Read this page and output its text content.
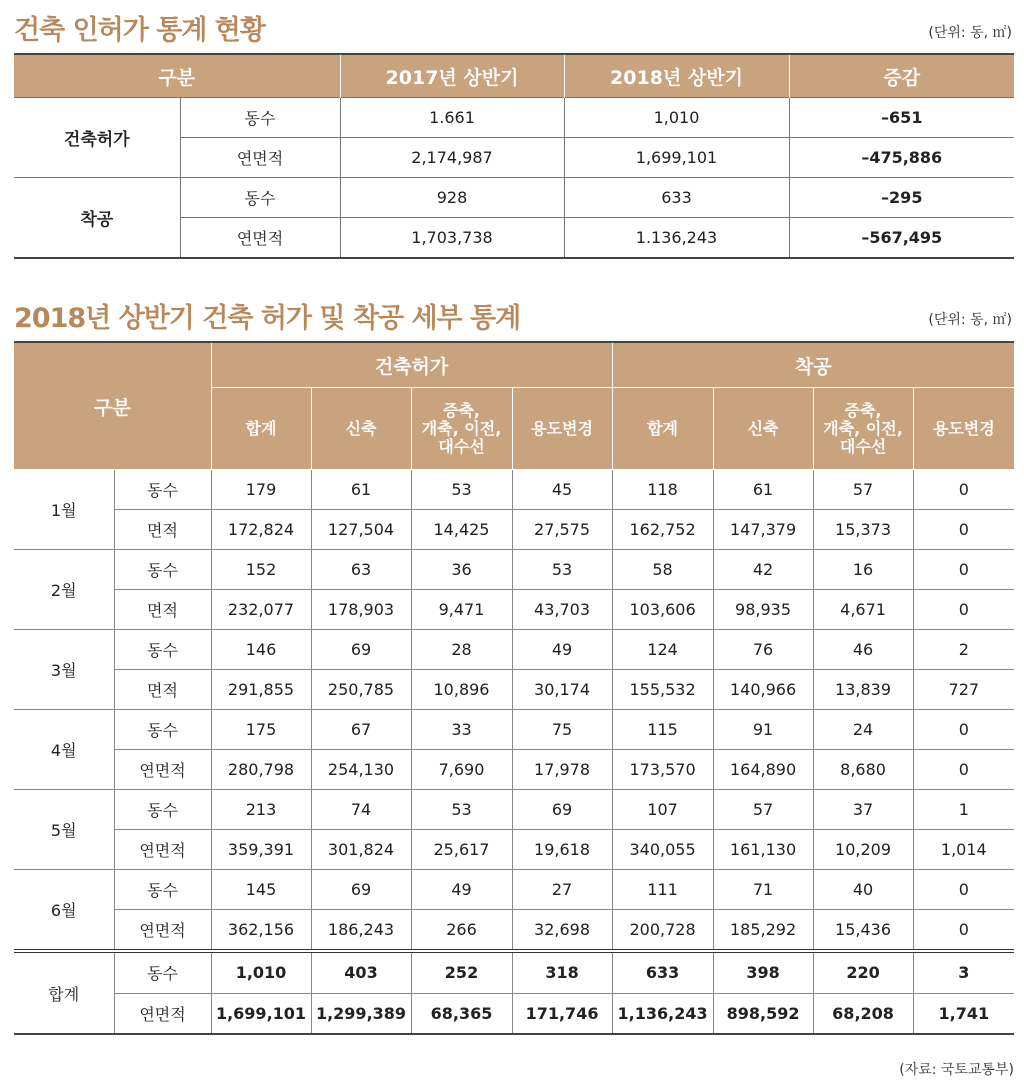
건축 인허가 통계 현황	(단위: 동, ㎡)
구분		2017년 상반기	2018년 상반기	증감
건축허가	동수	1.661	1,010	–651
	연면적	2,174,987	1,699,101	–475,886
착공	동수	928	633	–295
	연면적	1,703,738	1.136,243	–567,495
2018년 상반기 건축 허가 및 착공 세부 통계	(단위: 동, ㎡)
구분		건축허가				착공			
		합계	신축	증축,
개축, 이전,
대수선	용도변경	합계	신축	증축,
개축, 이전,
대수선	용도변경
1월	동수	179	61	53	45	118	61	57	0
	면적	172,824	127,504	14,425	27,575	162,752	147,379	15,373	0
2월	동수	152	63	36	53	58	42	16	0
	면적	232,077	178,903	9,471	43,703	103,606	98,935	4,671	0
3월	동수	146	69	28	49	124	76	46	2
	면적	291,855	250,785	10,896	30,174	155,532	140,966	13,839	727
4월	동수	175	67	33	75	115	91	24	0
	연면적	280,798	254,130	7,690	17,978	173,570	164,890	8,680	0
5월	동수	213	74	53	69	107	57	37	1
	연면적	359,391	301,824	25,617	19,618	340,055	161,130	10,209	1,014
6월	동수	145	69	49	27	111	71	40	0
	연면적	362,156	186,243	266	32,698	200,728	185,292	15,436	0
합계	동수	1,010	403	252	318	633	398	220	3
	연면적	1,699,101	1,299,389	68,365	171,746	1,136,243	898,592	68,208	1,741
(자료: 국토교통부)
